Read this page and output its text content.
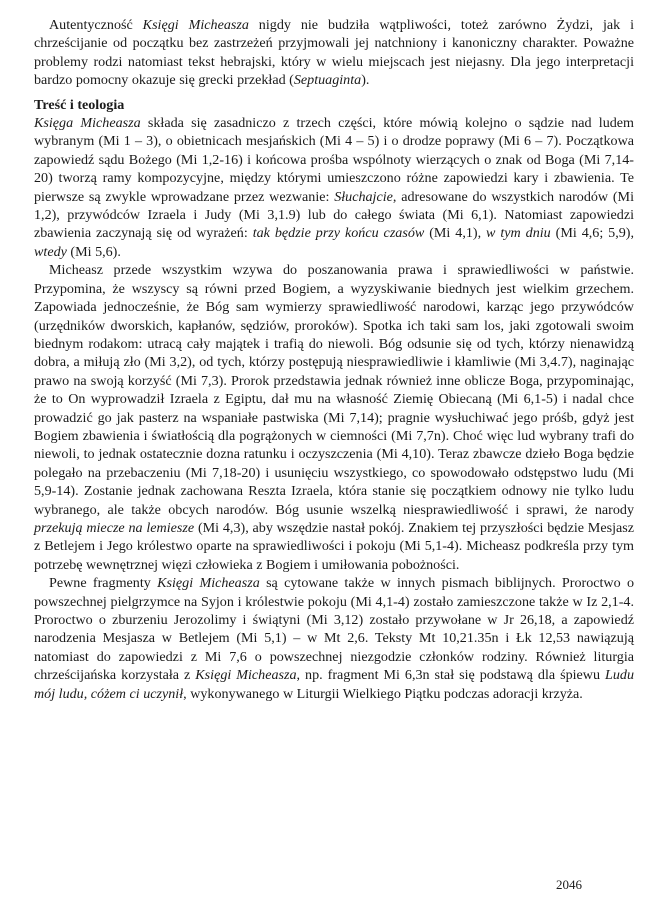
Autentyczność Księgi Micheasza nigdy nie budziła wątpliwości, toteż zarówno Żydzi, jak i chrześcijanie od początku bez zastrzeżeń przyjmowali jej natchniony i kanoniczny charakter. Poważne problemy rodzi natomiast tekst hebrajski, który w wielu miejscach jest niejasny. Dla jego interpretacji bardzo pomocny okazuje się grecki przekład (Septuaginta).

Treść i teologia

Księga Micheasza składa się zasadniczo z trzech części, które mówią kolejno o sądzie nad ludem wybranym (Mi 1 – 3), o obietnicach mesjańskich (Mi 4 – 5) i o drodze poprawy (Mi 6 – 7). Początkowa zapowiedź sądu Bożego (Mi 1,2-16) i końcowa prośba wspólnoty wierzących o znak od Boga (Mi 7,14-20) tworzą ramy kompozycyjne, między którymi umieszczono różne zapowiedzi kary i zbawienia. Te pierwsze są zwykle wprowadzane przez wezwanie: Słuchajcie, adresowane do wszystkich narodów (Mi 1,2), przywódców Izraela i Judy (Mi 3,1.9) lub do całego świata (Mi 6,1). Natomiast zapowiedzi zbawienia zaczynają się od wyrażeń: tak będzie przy końcu czasów (Mi 4,1), w tym dniu (Mi 4,6; 5,9), wtedy (Mi 5,6).

Micheasz przede wszystkim wzywa do poszanowania prawa i sprawiedliwości w państwie. Przypomina, że wszyscy są równi przed Bogiem, a wyzyskiwanie biednych jest wielkim grzechem. Zapowiada jednocześnie, że Bóg sam wymierzy sprawiedliwość narodowi, karząc jego przywódców (urzędników dworskich, kapłanów, sędziów, proroków). Spotka ich taki sam los, jaki zgotowali swoim biednym rodakom: utracą cały majątek i trafią do niewoli. Bóg odsunie się od tych, którzy nienawidzą dobra, a miłują zło (Mi 3,2), od tych, którzy postępują niesprawiedliwie i kłamliwie (Mi 3,4.7), naginając prawo na swoją korzyść (Mi 7,3). Prorok przedstawia jednak również inne oblicze Boga, przypominając, że to On wyprowadził Izraela z Egiptu, dał mu na własność Ziemię Obiecaną (Mi 6,1-5) i nadal chce prowadzić go jak pasterz na wspaniałe pastwiska (Mi 7,14); pragnie wysłuchiwać jego próśb, gdyż jest Bogiem zbawienia i światłością dla pogrążonych w ciemności (Mi 7,7n). Choć więc lud wybrany trafi do niewoli, to jednak ostatecznie dozna ratunku i oczyszczenia (Mi 4,10). Teraz zbawcze dzieło Boga będzie polegało na przebaczeniu (Mi 7,18-20) i usunięciu wszystkiego, co spowodowało odstępstwo ludu (Mi 5,9-14). Zostanie jednak zachowana Reszta Izraela, która stanie się początkiem odnowy nie tylko ludu wybranego, ale także obcych narodów. Bóg usunie wszelką niesprawiedliwość i sprawi, że narody przekują miecze na lemiesze (Mi 4,3), aby wszędzie nastał pokój. Znakiem tej przyszłości będzie Mesjasz z Betlejem i Jego królestwo oparte na sprawiedliwości i pokoju (Mi 5,1-4). Micheasz podkreśla przy tym potrzebę wewnętrznej więzi człowieka z Bogiem i umiłowania pobożności.

Pewne fragmenty Księgi Micheasza są cytowane także w innych pismach biblijnych. Proroctwo o powszechnej pielgrzymce na Syjon i królestwie pokoju (Mi 4,1-4) zostało zamieszczone także w Iz 2,1-4. Proroctwo o zburzeniu Jerozolimy i świątyni (Mi 3,12) zostało przywołane w Jr 26,18, a zapowiedź narodzenia Mesjasza w Betlejem (Mi 5,1) – w Mt 2,6. Teksty Mt 10,21.35n i Łk 12,53 nawiązują natomiast do zapowiedzi z Mi 7,6 o powszechnej niezgodzie członków rodziny. Również liturgia chrześcijańska korzystała z Księgi Micheasza, np. fragment Mi 6,3n stał się podstawą dla śpiewu Ludu mój ludu, cóżem ci uczynił, wykonywanego w Liturgii Wielkiego Piątku podczas adoracji krzyża.

2046
